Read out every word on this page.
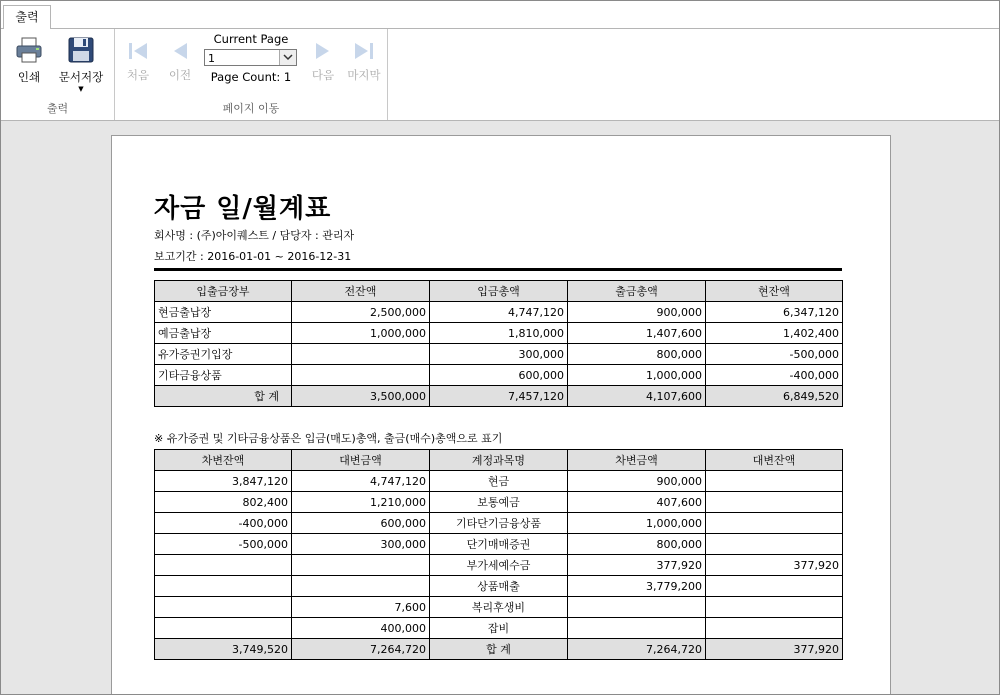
출력
인쇄	문서저장
▼
출력
처음	이전
Current Page
1
Page Count: 1	다음	마지막
페이지 이동
자금 일/월계표
회사명 : (주)아이퀘스트 / 담당자 : 관리자
보고기간 : 2016-01-01 ~ 2016-12-31
입출금장부	전잔액	입금총액	출금총액	현잔액
현금출납장	2,500,000	4,747,120	900,000	6,347,120
예금출납장	1,000,000	1,810,000	1,407,600	1,402,400
유가증권기입장		300,000	800,000	-500,000
기타금융상품		600,000	1,000,000	-400,000
합 계	3,500,000	7,457,120	4,107,600	6,849,520
※ 유가증권 및 기타금융상품은 입금(매도)총액, 출금(매수)총액으로 표기
차변잔액	대변금액	계정과목명	차변금액	대변잔액
3,847,120	4,747,120	현금	900,000	
802,400	1,210,000	보통예금	407,600	
-400,000	600,000	기타단기금융상품	1,000,000	
-500,000	300,000	단기매매증권	800,000	
		부가세예수금	377,920	377,920
		상품매출	3,779,200	
	7,600	복리후생비		
	400,000	잡비		
3,749,520	7,264,720	합 계	7,264,720	377,920
